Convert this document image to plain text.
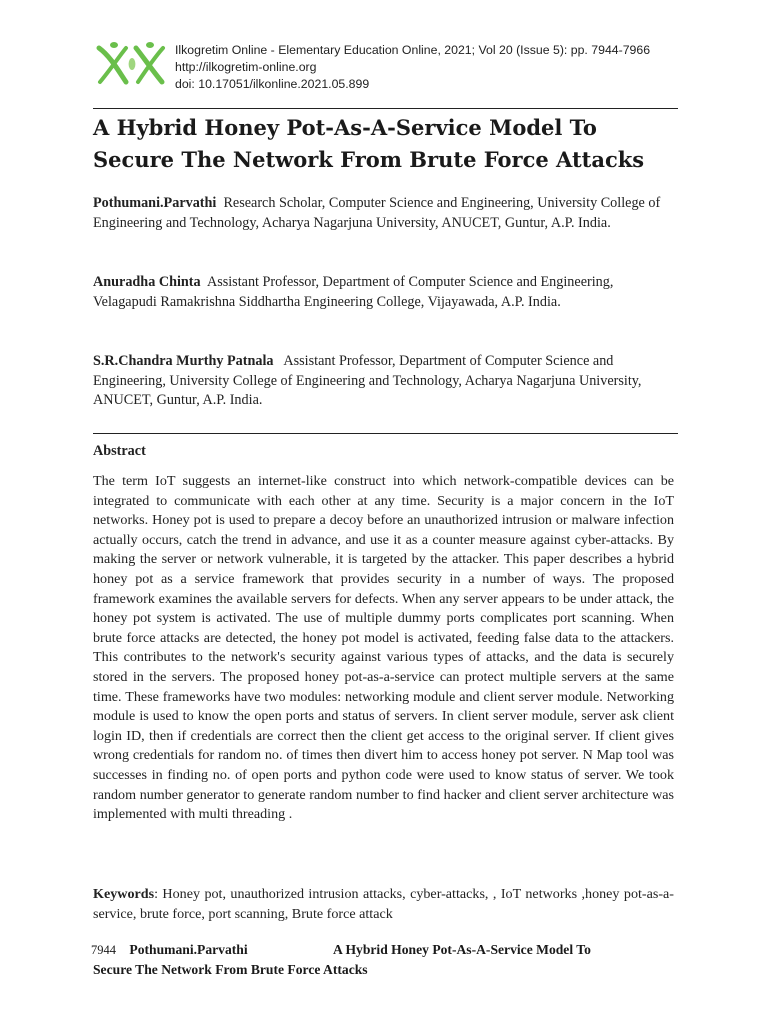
Ilkogretim Online - Elementary Education Online, 2021; Vol 20 (Issue 5): pp. 7944-7966
http://ilkogretim-online.org
doi: 10.17051/ilkonline.2021.05.899
A Hybrid Honey Pot-As-A-Service Model To
Secure The Network From Brute Force Attacks
Pothumani.Parvathi Research Scholar, Computer Science and Engineering, University College of Engineering and Technology, Acharya Nagarjuna University, ANUCET, Guntur, A.P. India.
Anuradha Chinta Assistant Professor, Department of Computer Science and Engineering,
Velagapudi Ramakrishna Siddhartha Engineering College, Vijayawada, A.P. India.
S.R.Chandra Murthy Patnala Assistant Professor, Department of Computer Science and Engineering, University College of Engineering and Technology, Acharya Nagarjuna University, ANUCET, Guntur, A.P. India.
Abstract
The term IoT suggests an internet-like construct into which network-compatible devices can be integrated to communicate with each other at any time. Security is a major concern in the IoT networks. Honey pot is used to prepare a decoy before an unauthorized intrusion or malware infection actually occurs, catch the trend in advance, and use it as a counter measure against cyber-attacks. By making the server or network vulnerable, it is targeted by the attacker. This paper describes a hybrid honey pot as a service framework that provides security in a number of ways. The proposed framework examines the available servers for defects. When any server appears to be under attack, the honey pot system is activated. The use of multiple dummy ports complicates port scanning. When brute force attacks are detected, the honey pot model is activated, feeding false data to the attackers. This contributes to the network's security against various types of attacks, and the data is securely stored in the servers. The proposed honey pot-as-a-service can protect multiple servers at the same time. These frameworks have two modules: networking module and client server module. Networking module is used to know the open ports and status of servers. In client server module, server ask client login ID, then if credentials are correct then the client get access to the original server. If client gives wrong credentials for random no. of times then divert him to access honey pot server. N Map tool was successes in finding no. of open ports and python code were used to know status of server. We took random number generator to generate random number to find hacker and client server architecture was implemented with multi threading .
Keywords: Honey pot, unauthorized intrusion attacks, cyber-attacks, , IoT networks ,honey pot-as-a-service, brute force, port scanning, Brute force attack
7944 Pothumani.Parvathi	A Hybrid Honey Pot-As-A-Service Model To
Secure The Network From Brute Force Attacks
